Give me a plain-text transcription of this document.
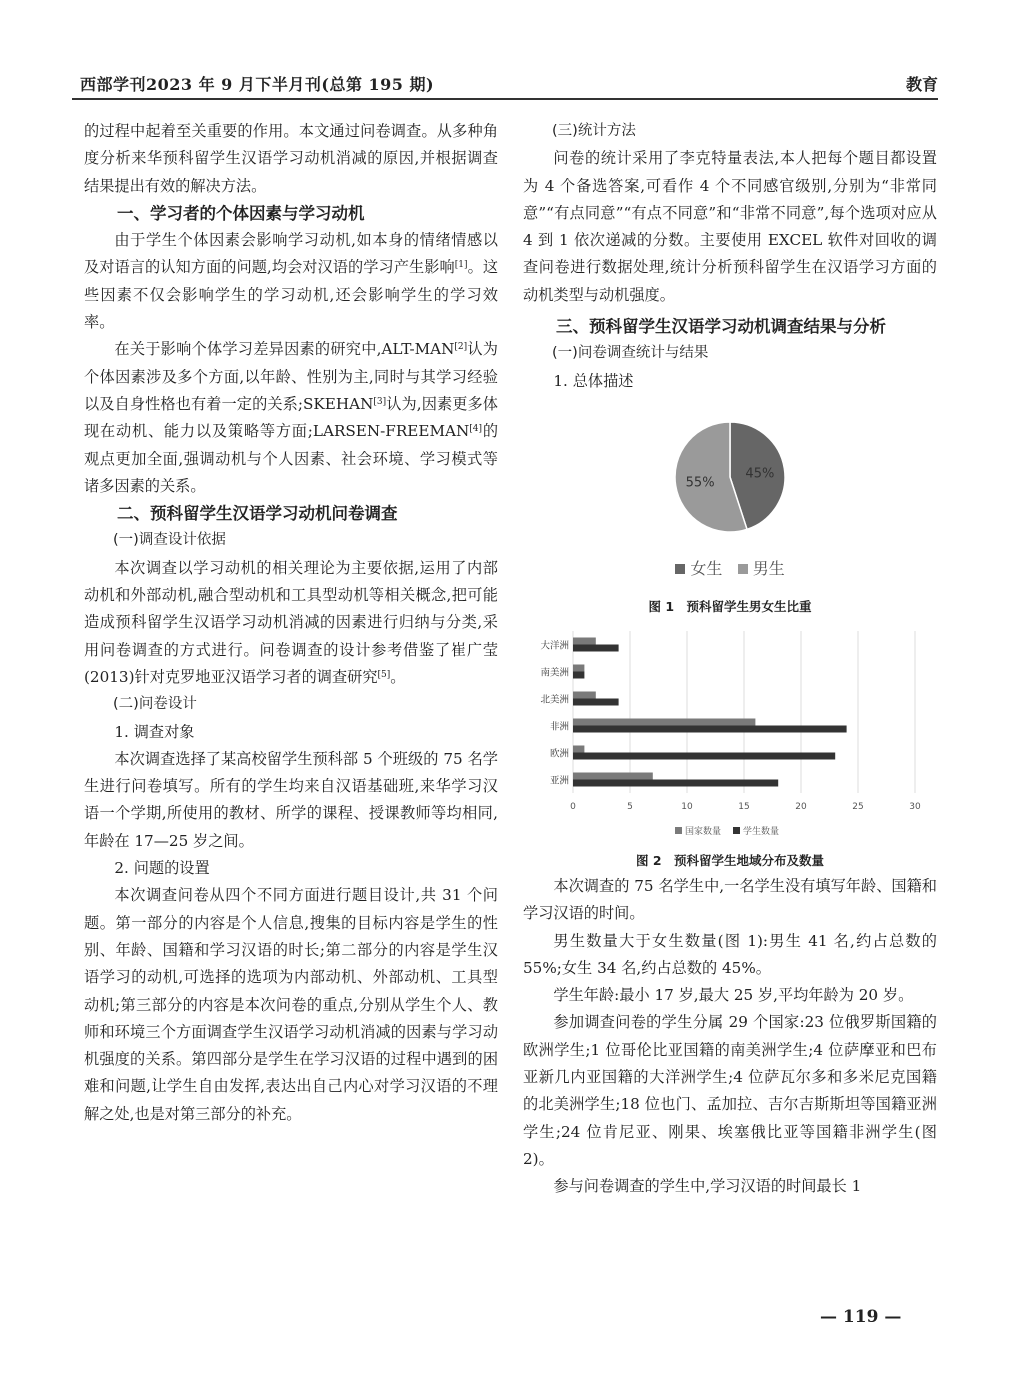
西部学刊2023 年 9 月下半月刊(总第 195 期)	教育

的过程中起着至关重要的作用。本文通过问卷调查。从多种角度分析来华预科留学生汉语学习动机消减的原因,并根据调查结果提出有效的解决方法。

一、学习者的个体因素与学习动机

由于学生个体因素会影响学习动机,如本身的情绪情感以及对语言的认知方面的问题,均会对汉语的学习产生影响[1]。这些因素不仅会影响学生的学习动机,还会影响学生的学习效率。

在关于影响个体学习差异因素的研究中,ALT-MAN[2]认为个体因素涉及多个方面,以年龄、性别为主,同时与其学习经验以及自身性格也有着一定的关系;SKEHAN[3]认为,因素更多体现在动机、能力以及策略等方面;LARSEN-FREEMAN[4]的观点更加全面,强调动机与个人因素、社会环境、学习模式等诸多因素的关系。

二、预科留学生汉语学习动机问卷调查

(一)调查设计依据

本次调查以学习动机的相关理论为主要依据,运用了内部动机和外部动机,融合型动机和工具型动机等相关概念,把可能造成预科留学生汉语学习动机消减的因素进行归纳与分类,采用问卷调查的方式进行。问卷调查的设计参考借鉴了崔广莹(2013)针对克罗地亚汉语学习者的调查研究[5]。

(二)问卷设计

1. 调查对象

本次调查选择了某高校留学生预科部 5 个班级的 75 名学生进行问卷填写。所有的学生均来自汉语基础班,来华学习汉语一个学期,所使用的教材、所学的课程、授课教师等均相同,年龄在 17—25 岁之间。

2. 问题的设置

本次调查问卷从四个不同方面进行题目设计,共 31 个问题。第一部分的内容是个人信息,搜集的目标内容是学生的性别、年龄、国籍和学习汉语的时长;第二部分的内容是学生汉语学习的动机,可选择的选项为内部动机、外部动机、工具型动机;第三部分的内容是本次问卷的重点,分别从学生个人、教师和环境三个方面调查学生汉语学习动机消减的因素与学习动机强度的关系。第四部分是学生在学习汉语的过程中遇到的困难和问题,让学生自由发挥,表达出自己内心对学习汉语的不理解之处,也是对第三部分的补充。

(三)统计方法

问卷的统计采用了李克特量表法,本人把每个题目都设置为 4 个备选答案,可看作 4 个不同感官级别,分别为“非常同意”“有点同意”“有点不同意”和“非常不同意”,每个选项对应从 4 到 1 依次递减的分数。主要使用 EXCEL 软件对回收的调查问卷进行数据处理,统计分析预科留学生在汉语学习方面的动机类型与动机强度。

三、预科留学生汉语学习动机调查结果与分析

(一)问卷调查统计与结果

1. 总体描述

45%
55%
女生 男生

图 1　预科留学生男女生比重

0	5	10	15	20	25	30
大洋洲
南美洲
北美洲
非洲
欧洲
亚洲
国家数量 学生数量

图 2　预科留学生地域分布及数量

本次调查的 75 名学生中,一名学生没有填写年龄、国籍和学习汉语的时间。

男生数量大于女生数量(图 1):男生 41 名,约占总数的 55%;女生 34 名,约占总数的 45%。

学生年龄:最小 17 岁,最大 25 岁,平均年龄为 20 岁。

参加调查问卷的学生分属 29 个国家:23 位俄罗斯国籍的欧洲学生;1 位哥伦比亚国籍的南美洲学生;4 位萨摩亚和巴布亚新几内亚国籍的大洋洲学生;4 位萨瓦尔多和多米尼克国籍的北美洲学生;18 位也门、孟加拉、吉尔吉斯斯坦等国籍亚洲学生;24 位肯尼亚、刚果、埃塞俄比亚等国籍非洲学生(图 2)。

参与问卷调查的学生中,学习汉语的时间最长 1

— 119 —
